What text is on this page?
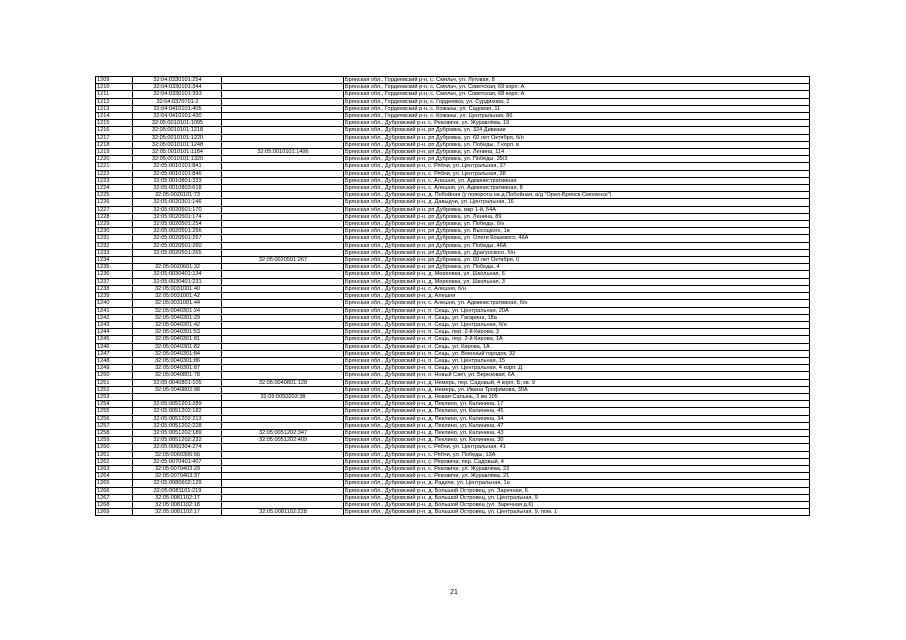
1209	32:04:0330101:254		Брянская обл., Гордеевский р-н, с. Смяльч, ул. Луговая, 8
1210	32:04:0330101:344		Брянская обл., Гордеевский р-н, с. Смяльч, ул. Советская, 69 корп. А
1211	32:04:0330101:393		Брянская обл., Гордеевский р-н, с. Смяльч, ул. Советская, 68 корп. А
1212	32:04:0370701:2		Брянская обл., Гордеевский р-н, с. Гордеевка, ул. Сурдихова, 2
1213	32:04:0410101:405		Брянская обл., Гордеевский р-н, с. Кожаны, ул. Садовая, 11
1214	32:04:0410101:430		Брянская обл., Гордеевский р-н, с. Кожаны, ул. Центральная, 86
1215	32:05:0010101:1095		Брянская обл., Дубровский р-н, с. Рековичи, ул. Журавлёва, 19
1216	32:05:0010101:1218		Брянская обл., Дубровский р-н, рп Дубровка, ул. 324 Дивизии
1217	32:05:0010101:1220		Брянская обл., Дубровский р-н, рп Дубровка, ул. 60 лет Октября, б/н
1218	32:05:0010101:1248		Брянская обл., Дубровский р-н, рп Дубровка, ул. Победы, 7 корп. в
1219	32:05:0010101:1184	32:05:0010101:1496	Брянская обл., Дубровский р-н, рп Дубровка, ул. Ленина, 114
1220	32:05:0010101:1320		Брянская обл., Дубровский р-н, рп Дубровка, ул. Победы, 35/3
1221	32:05:0010101:841		Брянская обл., Дубровский р-н, с. Рябчи, ул. Центральная, 37
1222	32:05:0010101:846		Брянская обл., Дубровский р-н, с. Рябчи, ул. Центральная, 38
1223	32:05:0010801:333		Брянская обл., Дубровский р-н, с. Алешня, ул. Административная
1224	32:05:0010803:618		Брянская обл., Дубровский р-н, с. Алешня, ул. Административная, 8
1225	32:05:0020101:73		Брянская обл., Дубровский р-н, д. Побойная (у поворота на д.Побойная, а/д "Орел-Брянск-Смоленск")
1226	32:05:0020301:146		Брянская обл., Дубровский р-н, д. Давыдчи, ул. Центральная, 16
1227	32:05:0020501:170		Брянская обл., Дубровский р-н, рп Дубровка, мкр 1-й, 54А
1228	32:05:0020501:174		Брянская обл., Дубровский р-н, рп Дубровка, ул. Ленина, 89
1229	32:05:0020501:254		Брянская обл., Дубровский р-н, рп Дубровка, ул. Победы, б/н
1230	32:05:0020501:256		Брянская обл., Дубровский р-н, рп Дубровка, ул. Высоцкого, 1в
1231	32:05:0020501:257		Брянская обл., Дубровский р-н, рп Дубровка, ул. Олеги Кошевого, 46А
1232	32:05:0020501:260		Брянская обл., Дубровский р-н, рп Дубровка, ул. Победы, 46А
1233	32:05:0020501:265		Брянская обл., Дубровский р-н, рп Дубровка, ул. Драгунского, б/н
1234		32:05:0020501:267	Брянская обл., Дубровский р-н, рп Дубровка, ул. 60 лет Октября, 0
1235	32:05:0020601:32		Брянская обл., Дубровский р-н, рп Дубровка, ул. Победы, 4
1236	32:05:0030401:134		Брянская обл., Дубровский р-н, д. Мереевка, ул. Школьная, 6
1237	32:05:0030401:231		Брянская обл., Дубровский р-н, д. Мереевка, ул. Школьная, 3
1238	32:05:0031001:40		Брянская обл., Дубровский р-н, с. Алешня, б/н
1239	32:05:0031001:42		Брянская обл., Дубровский р-н, д. Алешня
1240	32:05:0031001:44		Брянская обл., Дубровский р-н, с. Алешня, ул. Административная, б/н
1241	32:05:0040301:24		Брянская обл., Дубровский р-н, п. Сещь, ул. Центральная, 20А
1242	32:05:0040301:29		Брянская обл., Дубровский р-н, п. Сещь, ул. Гагарина, 18а
1243	32:05:0040301:42		Брянская обл., Дубровский р-н, п. Сещь, ул. Центральная, б/н
1244	32:05:0040301:53		Брянская обл., Дубровский р-н, п. Сещь, пер. 2-й Кирова, 3
1245	32:05:0040301:81		Брянская обл., Дубровский р-н, п. Сещь, пер. 2-й Кирова, 1А
1246	32:05:0040301:82		Брянская обл., Дубровский р-н, п. Сещь, ул. Кирова, 1А
1247	32:05:0040301:84		Брянская обл., Дубровский р-н, п. Сещь, ул. Военный городок, 32
1248	32:05:0040301:86		Брянская обл., Дубровский р-н, п. Сещь, ул. Центральная, 15
1249	32:05:0040301:87		Брянская обл., Дубровский р-н, п. Сещь, ул. Центральная, 4 корп. Д
1250	32:05:0040801:78		Брянская обл., Дубровский р-н, п. Новый Свет, ул. Березовая, 6А
1251	32:05:0040801:105	32:05:0040801:128	Брянская обл., Дубровский р-н, д. Немерь, пер. Садовый, 4 корп. Б, кв. 9
1252	32:05:0040802:98		Брянская обл., Дубровский р-н, д. Немерь, ул. Ивана Трофимова, 30А
1253		32:05:0050203:38	Брянская обл., Дубровский р-н, д. Новая Салынь, 3 км 105
1254	32:05:0051201:289		Брянская обл., Дубровский р-н, д. Пеклино, ул. Калинина, 17
1255	32:05:0051202:182		Брянская обл., Дубровский р-н, д. Пеклино, ул. Калинина, 45
1256	32:05:0051202:213		Брянская обл., Дубровский р-н, д. Пеклино, ул. Калинина, 34
1257	32:05:0051202:228		Брянская обл., Дубровский р-н, д. Пеклино, ул. Калинина, 47
1258	32:05:0051202:189	32:05:0051202:347	Брянская обл., Дубровский р-н, д. Пеклино, ул. Калинина, 43
1259	32:05:0051202:232	32:05:0051202:409	Брянская обл., Дубровский р-н, д. Пеклино, ул. Калинина, 30
1260	32:05:0060304:274		Брянская обл., Дубровский р-н, с. Рябчи, ул. Центральная, 41
1261	32:05:0060306:56		Брянская обл., Дубровский р-н, с. Рябчи, ул. Победы, 13А
1262	32:05:0070401:407		Брянская обл., Дубровский р-н, с. Рековичи, пер. Садовый, 4
1263	32:05:0070403:29		Брянская обл., Дубровский р-н, с. Рековичи, ул. Журавлёва, 23
1264	32:05:0070403:37		Брянская обл., Дубровский р-н, с. Рековичи, ул. Журавлёва, 21
1265	32:05:0080602:129		Брянская обл., Дубровский р-н, д. Радичи, ул. Центральная, 1а
1266	32:05:0081101:219		Брянская обл., Дубровский р-н, д. Большой Островец, ул. Заречная, 6
1267	32:05:0081102:17		Брянская обл., Дубровский р-н, д. Большой Островец, ул. Центральная, 9
1268	32:05:0081102:18		Брянская обл., Дубровский р-н, д. Большой Островец (ул. Заречная д.6)
1269	32:05:0081102:17	32:05:0081102:228	Брянская обл., Дубровский р-н, д. Большой Островец, ул. Центральная, 9, пом. 1
21
